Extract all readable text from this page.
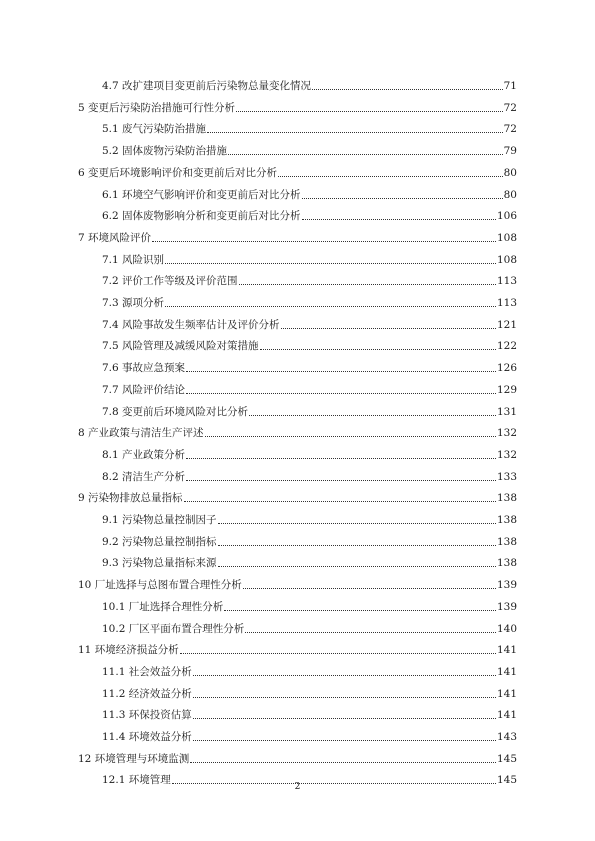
4.7 改扩建项目变更前后污染物总量变化情况	71
5 变更后污染防治措施可行性分析	72
5.1 废气污染防治措施	72
5.2 固体废物污染防治措施	79
6 变更后环境影响评价和变更前后对比分析	80
6.1 环境空气影响评价和变更前后对比分析	80
6.2 固体废物影响分析和变更前后对比分析	106
7 环境风险评价	108
7.1 风险识别	108
7.2 评价工作等级及评价范围	113
7.3 源项分析	113
7.4 风险事故发生频率估计及评价分析	121
7.5 风险管理及减缓风险对策措施	122
7.6 事故应急预案	126
7.7 风险评价结论	129
7.8 变更前后环境风险对比分析	131
8 产业政策与清洁生产评述	132
8.1 产业政策分析	132
8.2 清洁生产分析	133
9 污染物排放总量指标	138
9.1 污染物总量控制因子	138
9.2 污染物总量控制指标	138
9.3 污染物总量指标来源	138
10 厂址选择与总图布置合理性分析	139
10.1 厂址选择合理性分析	139
10.2 厂区平面布置合理性分析	140
11 环境经济损益分析	141
11.1 社会效益分析	141
11.2 经济效益分析	141
11.3 环保投资估算	141
11.4 环境效益分析	143
12 环境管理与环境监测	145
12.1 环境管理	145
2
